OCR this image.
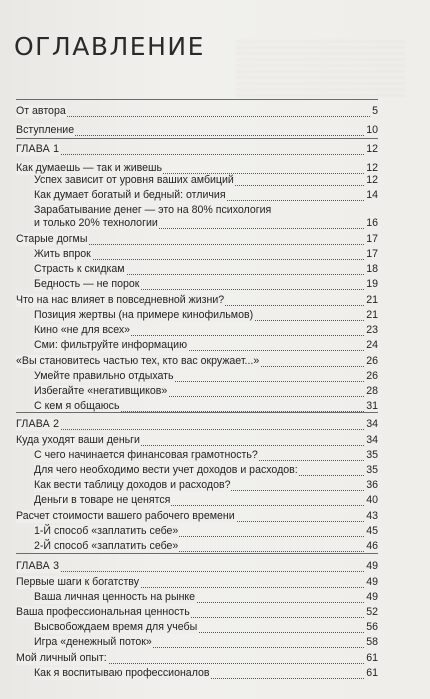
ОГЛАВЛЕНИЕ
От автора	5
Вступление	10
ГЛАВА 1	12
Как думаешь — так и живешь	12
Успех зависит от уровня ваших амбиций	12
Как думает богатый и бедный: отличия	14
Зарабатывание денег — это на 80% психология
и только 20% технологии	16
Старые догмы	17
Жить впрок	17
Страсть к скидкам	18
Бедность — не порок	19
Что на нас влияет в повседневной жизни?	21
Позиция жертвы (на примере кинофильмов)	21
Кино «не для всех»	23
Сми: фильтруйте информацию	24
«Вы становитесь частью тех, кто вас окружает...»	26
Умейте правильно отдыхать	26
Избегайте «негативщиков»	28
С кем я общаюсь	31
ГЛАВА 2	34
Куда уходят ваши деньги	34
С чего начинается финансовая грамотность?	35
Для чего необходимо вести учет доходов и расходов:	35
Как вести таблицу доходов и расходов?	36
Деньги в товаре не ценятся	40
Расчет стоимости вашего рабочего времени	43
1-Й способ «заплатить себе»	45
2-Й способ «заплатить себе»	46
ГЛАВА 3	49
Первые шаги к богатству	49
Ваша личная ценность на рынке	49
Ваша профессиональная ценность	52
Высвобождаем время для учебы	56
Игра «денежный поток»	58
Мой личный опыт:	61
Как я воспитываю профессионалов	61
